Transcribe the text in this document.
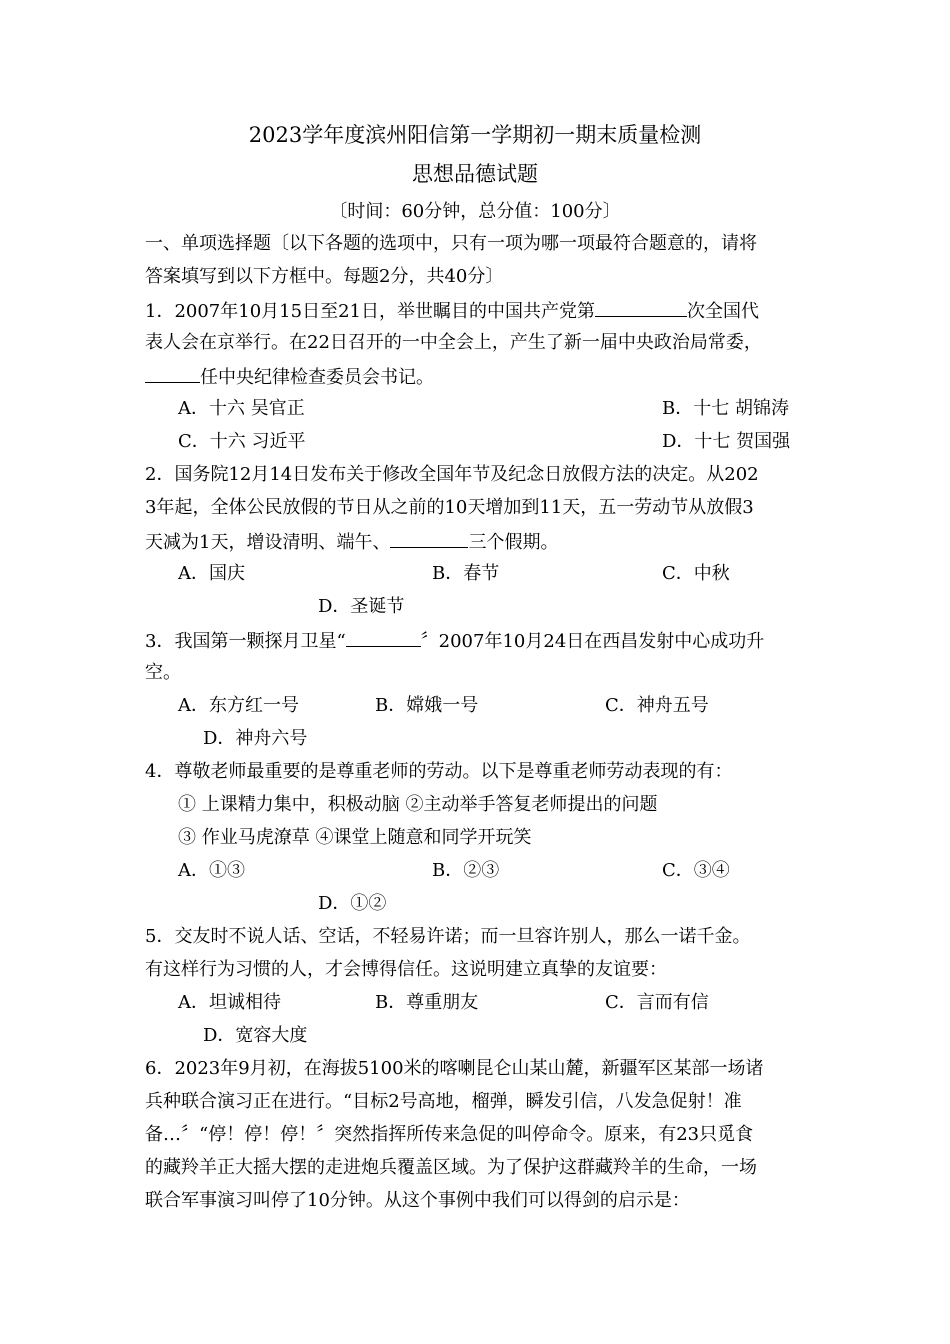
2023学年度滨州阳信第一学期初一期末质量检测
思想品德试题
〔时间：60分钟，总分值：100分〕
一、单项选择题〔以下各题的选项中，只有一项为哪一项最符合题意的，请将
答案填写到以下方框中。每题2分，共40分〕
1．2007年10月15日至21日，举世瞩目的中国共产党第	次全国代
表人会在京举行。在22日召开的一中全会上，产生了新一届中央政治局常委，
任中央纪律检查委员会书记。
A．十六 吴官正	B．十七 胡锦涛
C．十六 习近平	D．十七 贺国强
2．国务院12月14日发布关于修改全国年节及纪念日放假方法的决定。从202
3年起，全体公民放假的节日从之前的10天增加到11天，五一劳动节从放假3
天减为1天，增设清明、端午、	三个假期。
A．国庆	B．春节	C．中秋
D．圣诞节
3．我国第一颗探月卫星“	〞2007年10月24日在西昌发射中心成功升
空。
A．东方红一号	B．嫦娥一号	C．神舟五号
D．神舟六号
4．尊敬老师最重要的是尊重老师的劳动。以下是尊重老师劳动表现的有：
① 上课精力集中，积极动脑 ②主动举手答复老师提出的问题
③ 作业马虎潦草 ④课堂上随意和同学开玩笑
A．①③	B．②③	C．③④
D．①②
5．交友时不说人话、空话，不轻易许诺；而一旦容许别人，那么一诺千金。
有这样行为习惯的人，才会博得信任。这说明建立真挚的友谊要：
A．坦诚相待	B．尊重朋友	C．言而有信
D．宽容大度
6．2023年9月初，在海拔5100米的喀喇昆仑山某山麓，新疆军区某部一场诸
兵种联合演习正在进行。“目标2号高地，榴弹，瞬发引信，八发急促射！准
备…〞“停！停！停！〞突然指挥所传来急促的叫停命令。原来，有23只觅食
的藏羚羊正大摇大摆的走进炮兵覆盖区域。为了保护这群藏羚羊的生命，一场
联合军事演习叫停了10分钟。从这个事例中我们可以得剑的启示是：
